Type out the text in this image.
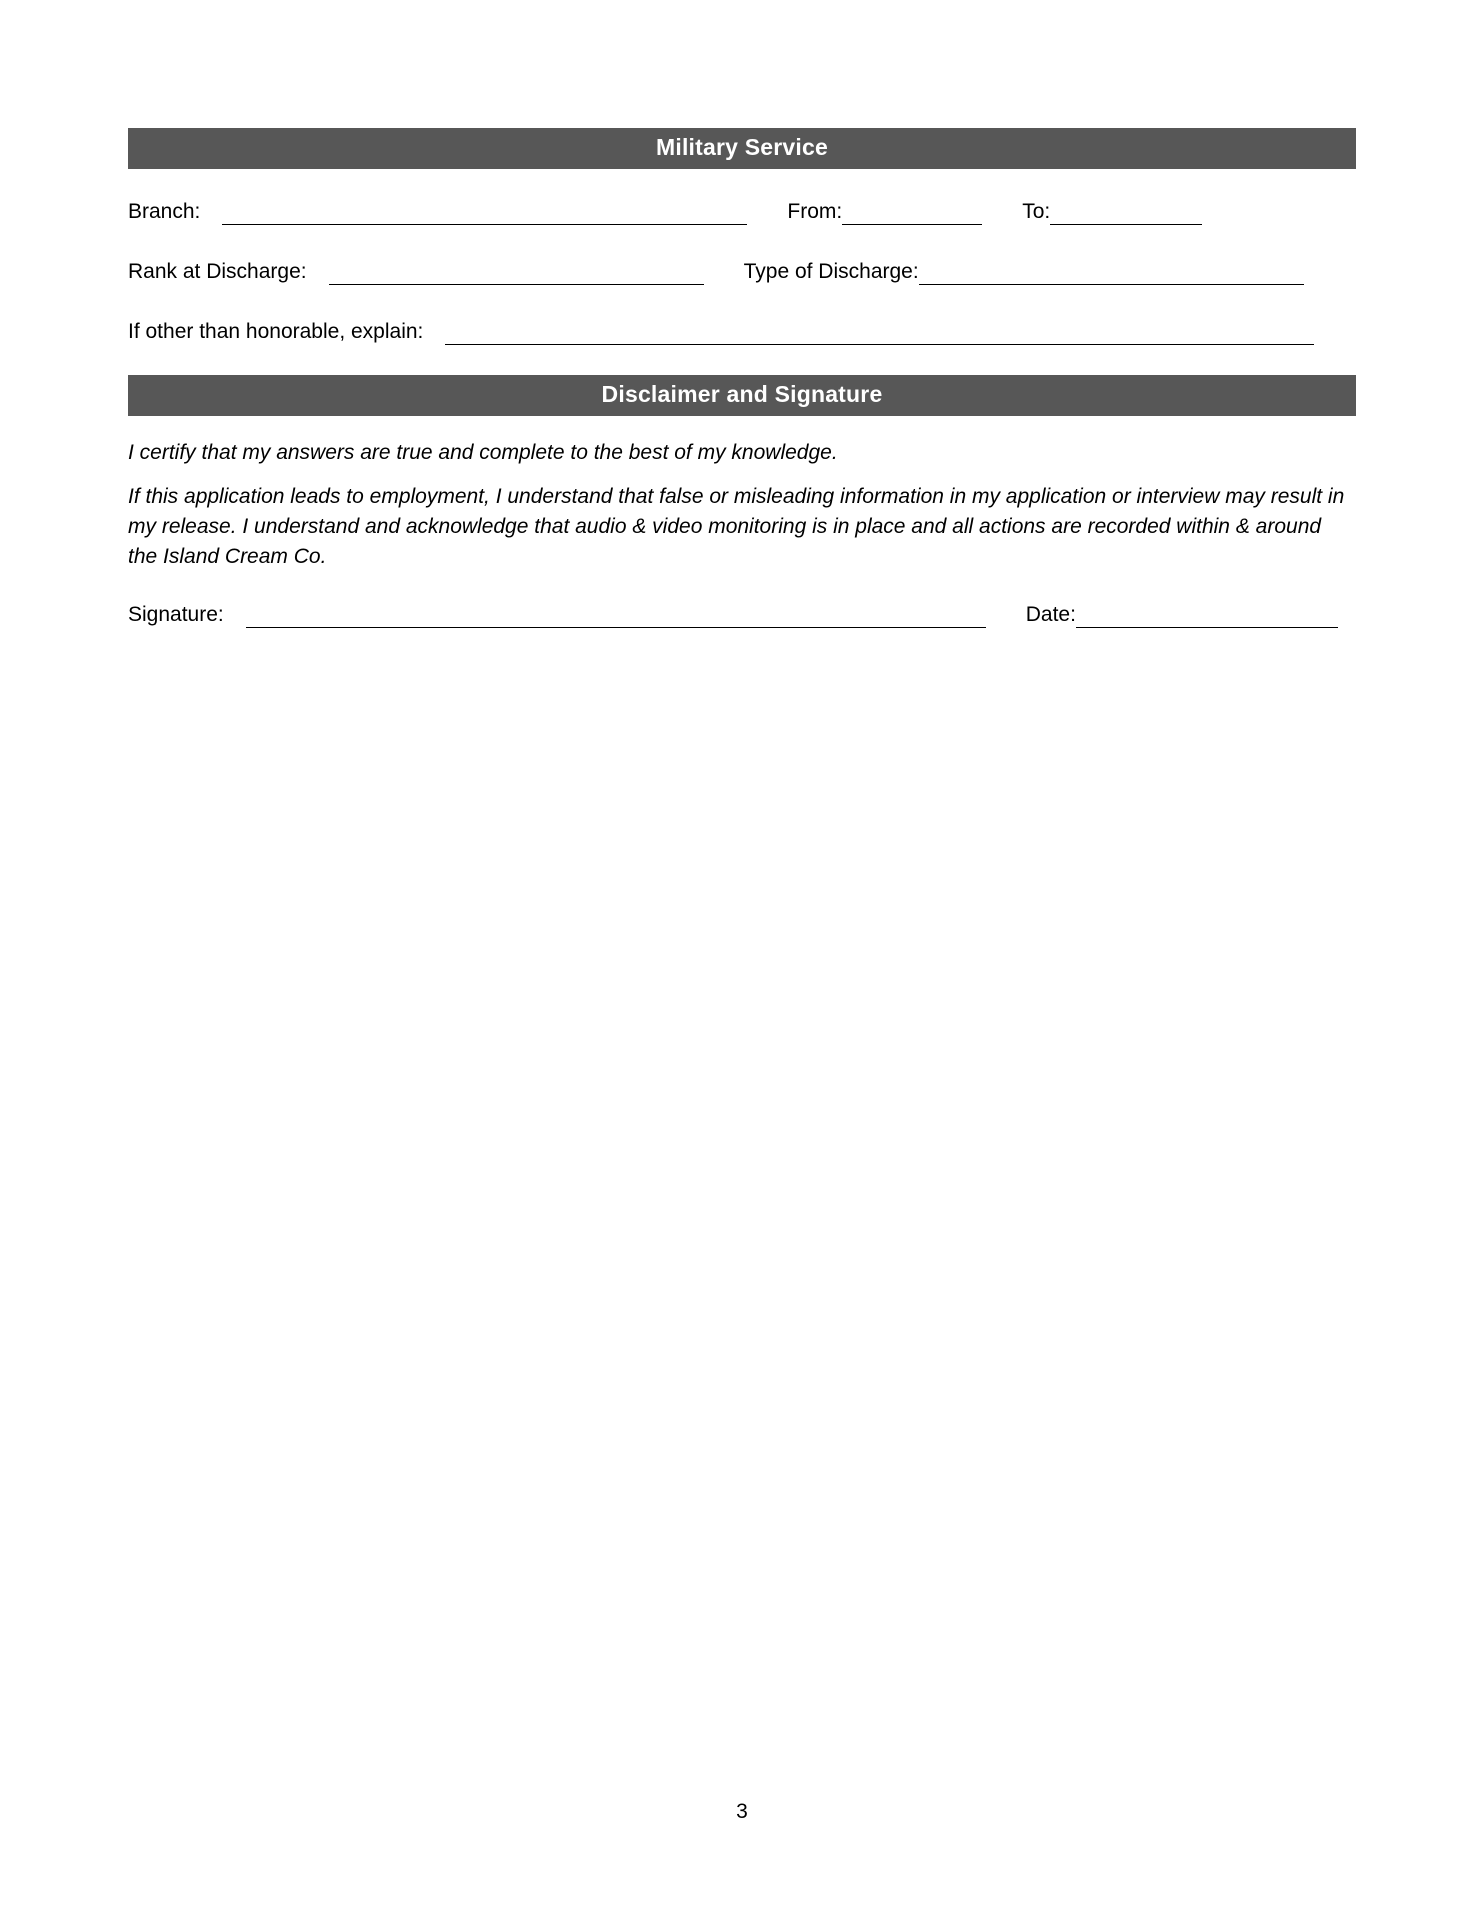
Military Service
Branch:	From:	To:
Rank at Discharge:	Type of Discharge:
If other than honorable, explain:
Disclaimer and Signature

I certify that my answers are true and complete to the best of my knowledge.

If this application leads to employment, I understand that false or misleading information in my application or interview may result in my release. I understand and acknowledge that audio & video monitoring is in place and all actions are recorded within & around the Island Cream Co.

Signature:	Date:
3
